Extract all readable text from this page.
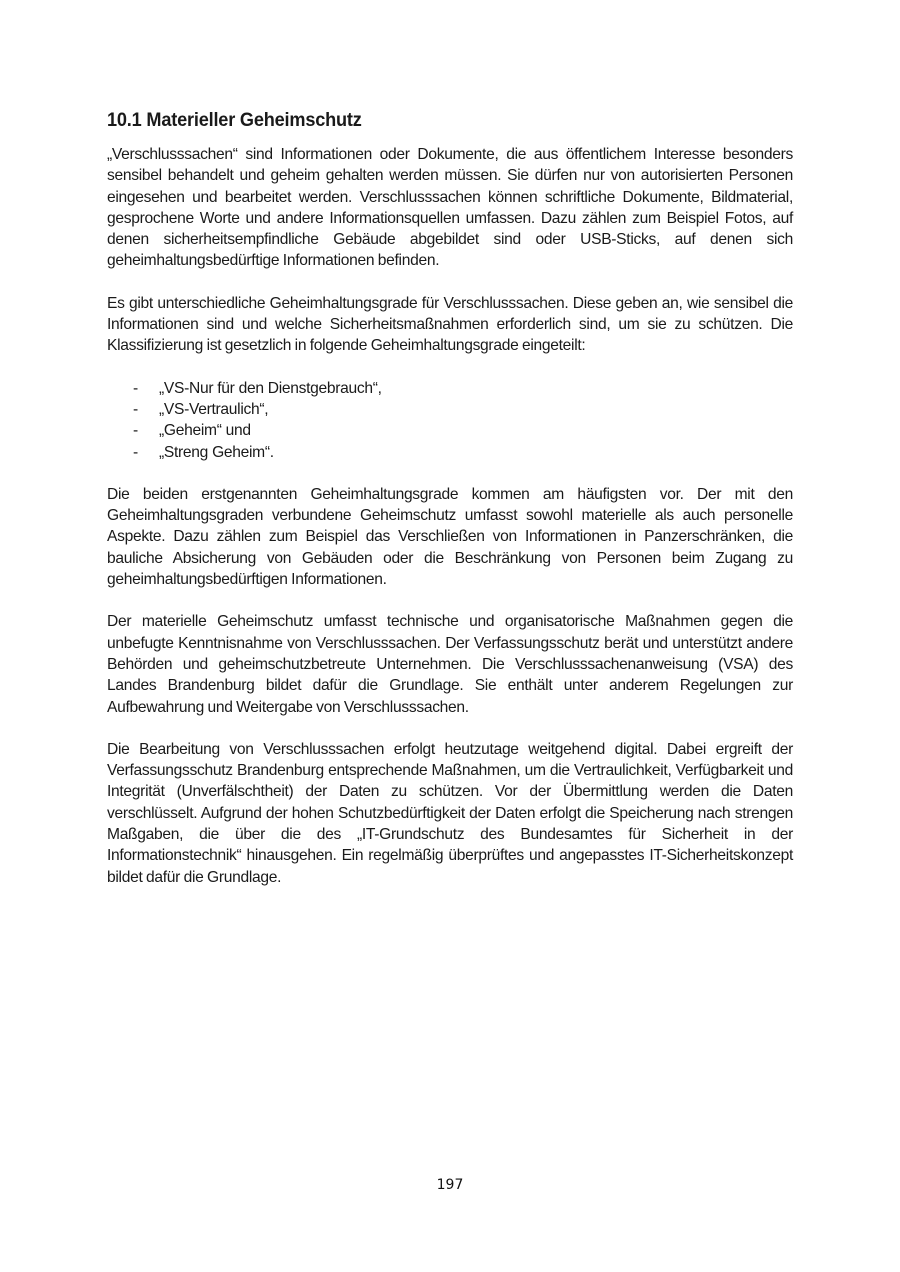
10.1 Materieller Geheimschutz

„Verschlusssachen“ sind Informationen oder Dokumente, die aus öffentlichem Interesse besonders sensibel behandelt und geheim gehalten werden müssen. Sie dürfen nur von autorisierten Personen eingesehen und bearbeitet werden. Verschlusssachen können schriftliche Dokumente, Bildmaterial, gesprochene Worte und andere Informationsquellen umfassen. Dazu zählen zum Beispiel Fotos, auf denen sicherheitsempfindliche Gebäude abgebildet sind oder USB-Sticks, auf denen sich geheimhaltungsbedürftige Informationen befinden.

Es gibt unterschiedliche Geheimhaltungsgrade für Verschlusssachen. Diese geben an, wie sensibel die Informationen sind und welche Sicherheitsmaßnahmen erforderlich sind, um sie zu schützen. Die Klassifizierung ist gesetzlich in folgende Geheimhaltungsgrade eingeteilt:

- „VS-Nur für den Dienstgebrauch“,
- „VS-Vertraulich“,
- „Geheim“ und
- „Streng Geheim“.

Die beiden erstgenannten Geheimhaltungsgrade kommen am häufigsten vor. Der mit den Geheimhaltungsgraden verbundene Geheimschutz umfasst sowohl materielle als auch personelle Aspekte. Dazu zählen zum Beispiel das Verschließen von Informationen in Panzerschränken, die bauliche Absicherung von Gebäuden oder die Beschränkung von Personen beim Zugang zu geheimhaltungsbedürftigen Informationen.

Der materielle Geheimschutz umfasst technische und organisatorische Maßnahmen gegen die unbefugte Kenntnisnahme von Verschlusssachen. Der Verfassungsschutz berät und unterstützt andere Behörden und geheimschutzbetreute Unternehmen. Die Verschlusssachenanweisung (VSA) des Landes Brandenburg bildet dafür die Grundlage. Sie enthält unter anderem Regelungen zur Aufbewahrung und Weitergabe von Verschlusssachen.

Die Bearbeitung von Verschlusssachen erfolgt heutzutage weitgehend digital. Dabei ergreift der Verfassungsschutz Brandenburg entsprechende Maßnahmen, um die Vertraulichkeit, Verfügbarkeit und Integrität (Unverfälschtheit) der Daten zu schützen. Vor der Übermittlung werden die Daten verschlüsselt. Aufgrund der hohen Schutzbedürftigkeit der Daten erfolgt die Speicherung nach strengen Maßgaben, die über die des „IT-Grundschutz des Bundesamtes für Sicherheit in der Informationstechnik“ hinausgehen. Ein regelmäßig überprüftes und angepasstes IT-Sicherheitskonzept bildet dafür die Grundlage.

197
